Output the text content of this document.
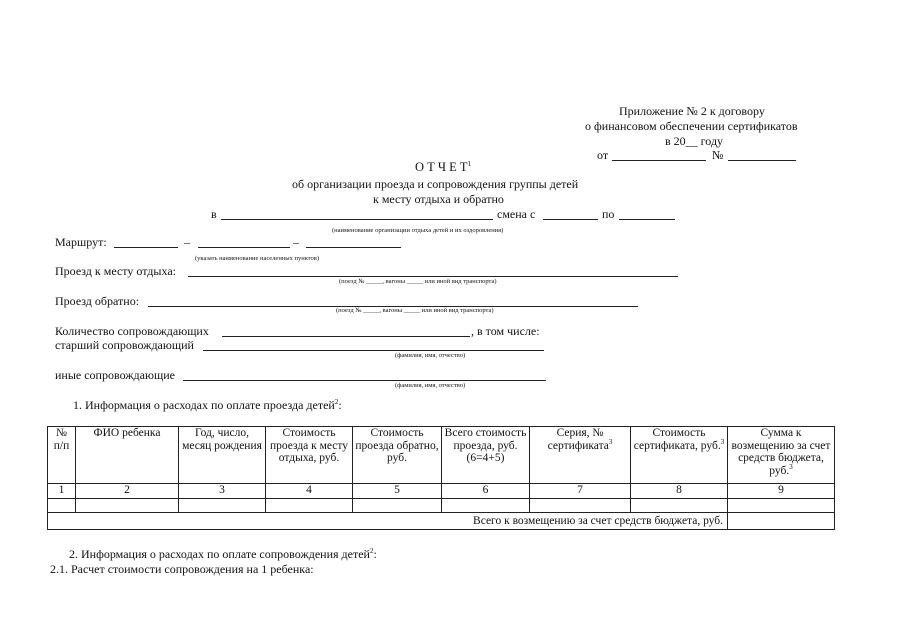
Приложение № 2 к договору
о финансовом обеспечении сертификатов
в 20__ году
от	№
О Т Ч Е $Т^1$
об организации проезда и сопровождения группы детей
к месту отдыха и обратно
в	смена с	по
(наименование организации отдыха детей и их оздоровления)
Маршрут:	–	–
(указать наименование населенных пунктов)
Проезд к месту отдыха:
(поезд № _____, вагоны _____ или иной вид транспорта)
Проезд обратно:
(поезд № _____, вагоны _____ или иной вид транспорта)
Количество сопровождающих	, в том числе:
старший сопровождающий
(фамилия, имя, отчество)
иные сопровождающие
(фамилия, имя, отчество)
1. Информация о расходах по оплате проезда детей$^2$:
№ п/п	ФИО ребенка	Год, число, месяц рождения	Стоимость проезда к месту отдыха, руб.	Стоимость проезда обратно, руб.	Всего стоимость проезда, руб. (6=4+5)	Серия, № сертификата$^3$	Стоимость сертификата, руб.$^3$	Сумма к возмещению за счет средств бюджета, руб.$^3$
1	2	3	4	5	6	7	8	9

Всего к возмещению за счет средств бюджета, руб.								
2. Информация о расходах по оплате сопровождения детей$^2$:
2.1. Расчет стоимости сопровождения на 1 ребенка:
